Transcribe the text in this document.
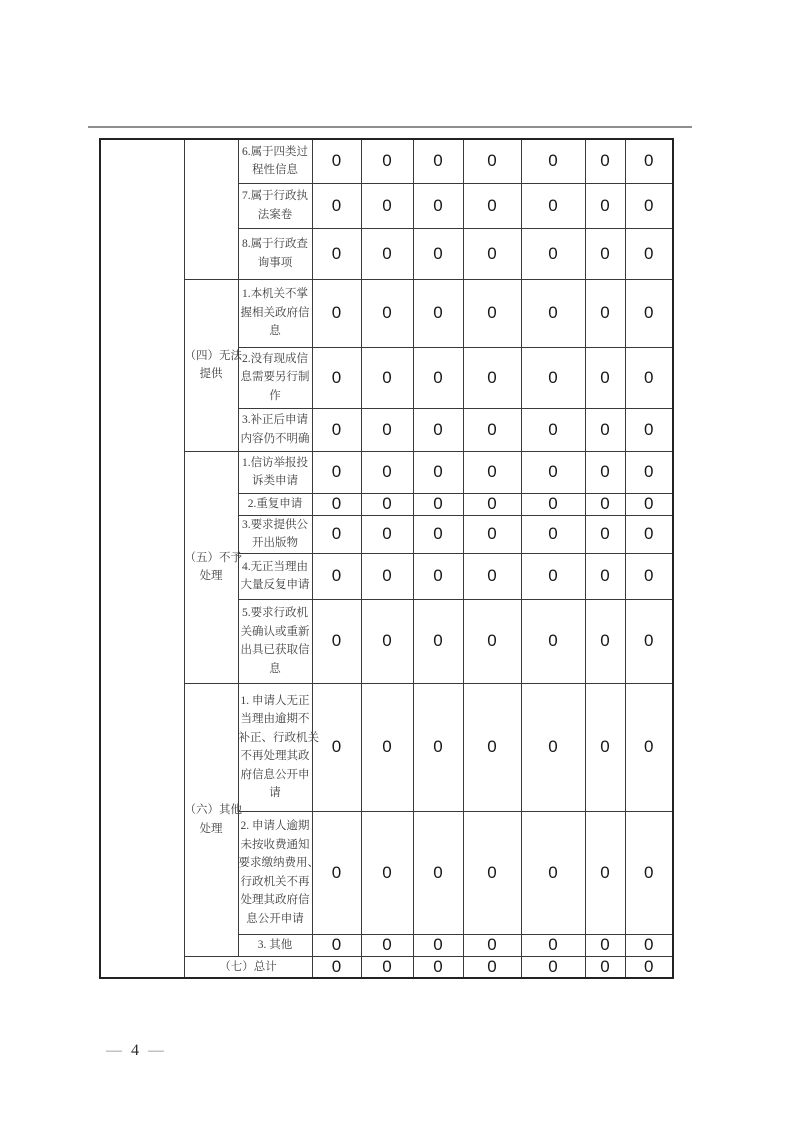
		6.属于四类过
程性信息	0	0	0	0	0	0	0
		7.属于行政执
法案卷	0	0	0	0	0	0	0
		8.属于行政查
询事项	0	0	0	0	0	0	0
	（四）无法
提供	1.本机关不掌
握相关政府信
息	0	0	0	0	0	0	0
		2.没有现成信
息需要另行制
作	0	0	0	0	0	0	0
		3.补正后申请
内容仍不明确	0	0	0	0	0	0	0
	（五）不予
处理	1.信访举报投
诉类申请	0	0	0	0	0	0	0
		2.重复申请	0	0	0	0	0	0	0
		3.要求提供公
开出版物	0	0	0	0	0	0	0
		4.无正当理由
大量反复申请	0	0	0	0	0	0	0
		5.要求行政机
关确认或重新
出具已获取信
息	0	0	0	0	0	0	0
（六）其他
处理	1. 申请人无正
当理由逾期不
补正、行政机关
不再处理其政
府信息公开申
请	0	0	0	0	0	0	0
2. 申请人逾期
未按收费通知
要求缴纳费用、
行政机关不再
处理其政府信
息公开申请	0	0	0	0	0	0	0
		3. 其他	0	0	0	0	0	0	0
	（七）总计		0	0	0	0	0	0	0
— 4 —
